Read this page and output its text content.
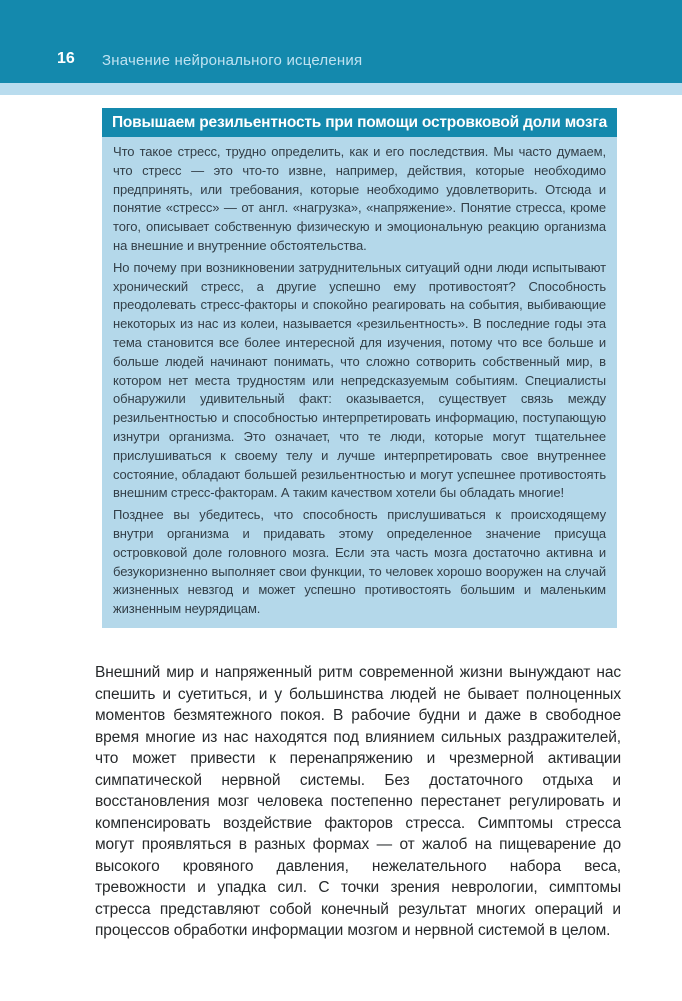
16 Значение нейронального исцеления
Повышаем резильентность при помощи островковой доли мозга

Что такое стресс, трудно определить, как и его последствия. Мы часто думаем, что стресс — это что-то извне, например, действия, которые необходимо предпринять, или требования, которые необходимо удовлетворить. Отсюда и понятие «стресс» — от англ. «нагрузка», «напряжение». Понятие стресса, кроме того, описывает собственную физическую и эмоциональную реакцию организма на внешние и внутренние обстоятельства.

Но почему при возникновении затруднительных ситуаций одни люди испытывают хронический стресс, а другие успешно ему противостоят? Способность преодолевать стресс-факторы и спокойно реагировать на события, выбивающие некоторых из нас из колеи, называется «резильентность». В последние годы эта тема становится все более интересной для изучения, потому что все больше и больше людей начинают понимать, что сложно сотворить собственный мир, в котором нет места трудностям или непредсказуемым событиям. Специалисты обнаружили удивительный факт: оказывается, существует связь между резильентностью и способностью интерпретировать информацию, поступающую изнутри организма. Это означает, что те люди, которые могут тщательнее прислушиваться к своему телу и лучше интерпретировать свое внутреннее состояние, обладают большей резильентностью и могут успешнее противостоять внешним стресс-факторам. А таким качеством хотели бы обладать многие!

Позднее вы убедитесь, что способность прислушиваться к происходящему внутри организма и придавать этому определенное значение присуща островковой доле головного мозга. Если эта часть мозга достаточно активна и безукоризненно выполняет свои функции, то человек хорошо вооружен на случай жизненных невзгод и может успешно противостоять большим и маленьким жизненным неурядицам.

Внешний мир и напряженный ритм современной жизни вынуждают нас спешить и суетиться, и у большинства людей не бывает полноценных моментов безмятежного покоя. В рабочие будни и даже в свободное время многие из нас находятся под влиянием сильных раздражителей, что может привести к перенапряжению и чрезмерной активации симпатической нервной системы. Без достаточного отдыха и восстановления мозг человека постепенно перестанет регулировать и компенсировать воздействие факторов стресса. Симптомы стресса могут проявляться в разных формах — от жалоб на пищеварение до высокого кровяного давления, нежелательного набора веса, тревожности и упадка сил. С точки зрения неврологии, симптомы стресса представляют собой конечный результат многих операций и процессов обработки информации мозгом и нервной системой в целом.
